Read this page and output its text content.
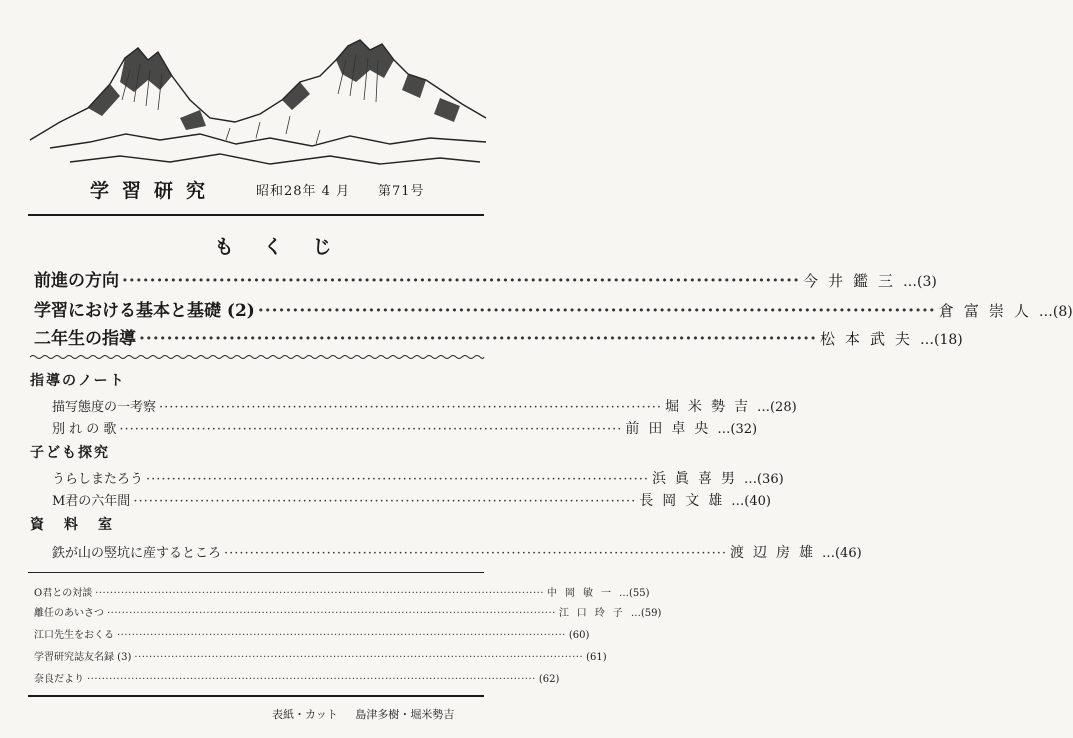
学習研究	昭和28年 4 月 第71号
もくじ
前進の方向 ·································································································· 今井鑑三 …(3)
学習における基本と基礎 (2) ·································································································· 倉富崇人 …(8)
二年生の指導 ·································································································· 松本武夫 …(18)
指導のノート
描写態度の一考察 ·································································································· 堀米勢吉 …(28)
別 れ の 歌 ·································································································· 前田卓央 …(32)
子ども探究
うらしまたろう ·································································································· 浜眞喜男 …(36)
M君の六年間 ·································································································· 長岡文雄 …(40)
資料室
鉄が山の竪坑に産するところ ·································································································· 渡辺房雄 …(46)
O君との対談 ·························································································································· 中岡敏一 …(55)
離任のあいさつ ·························································································································· 江口玲子 …(59)
江口先生をおくる ·························································································································· (60)
学習研究誌友名録 (3) ·························································································································· (61)
奈良だより ·························································································································· (62)
表紙・カット 島津多樹・堀米勢吉
